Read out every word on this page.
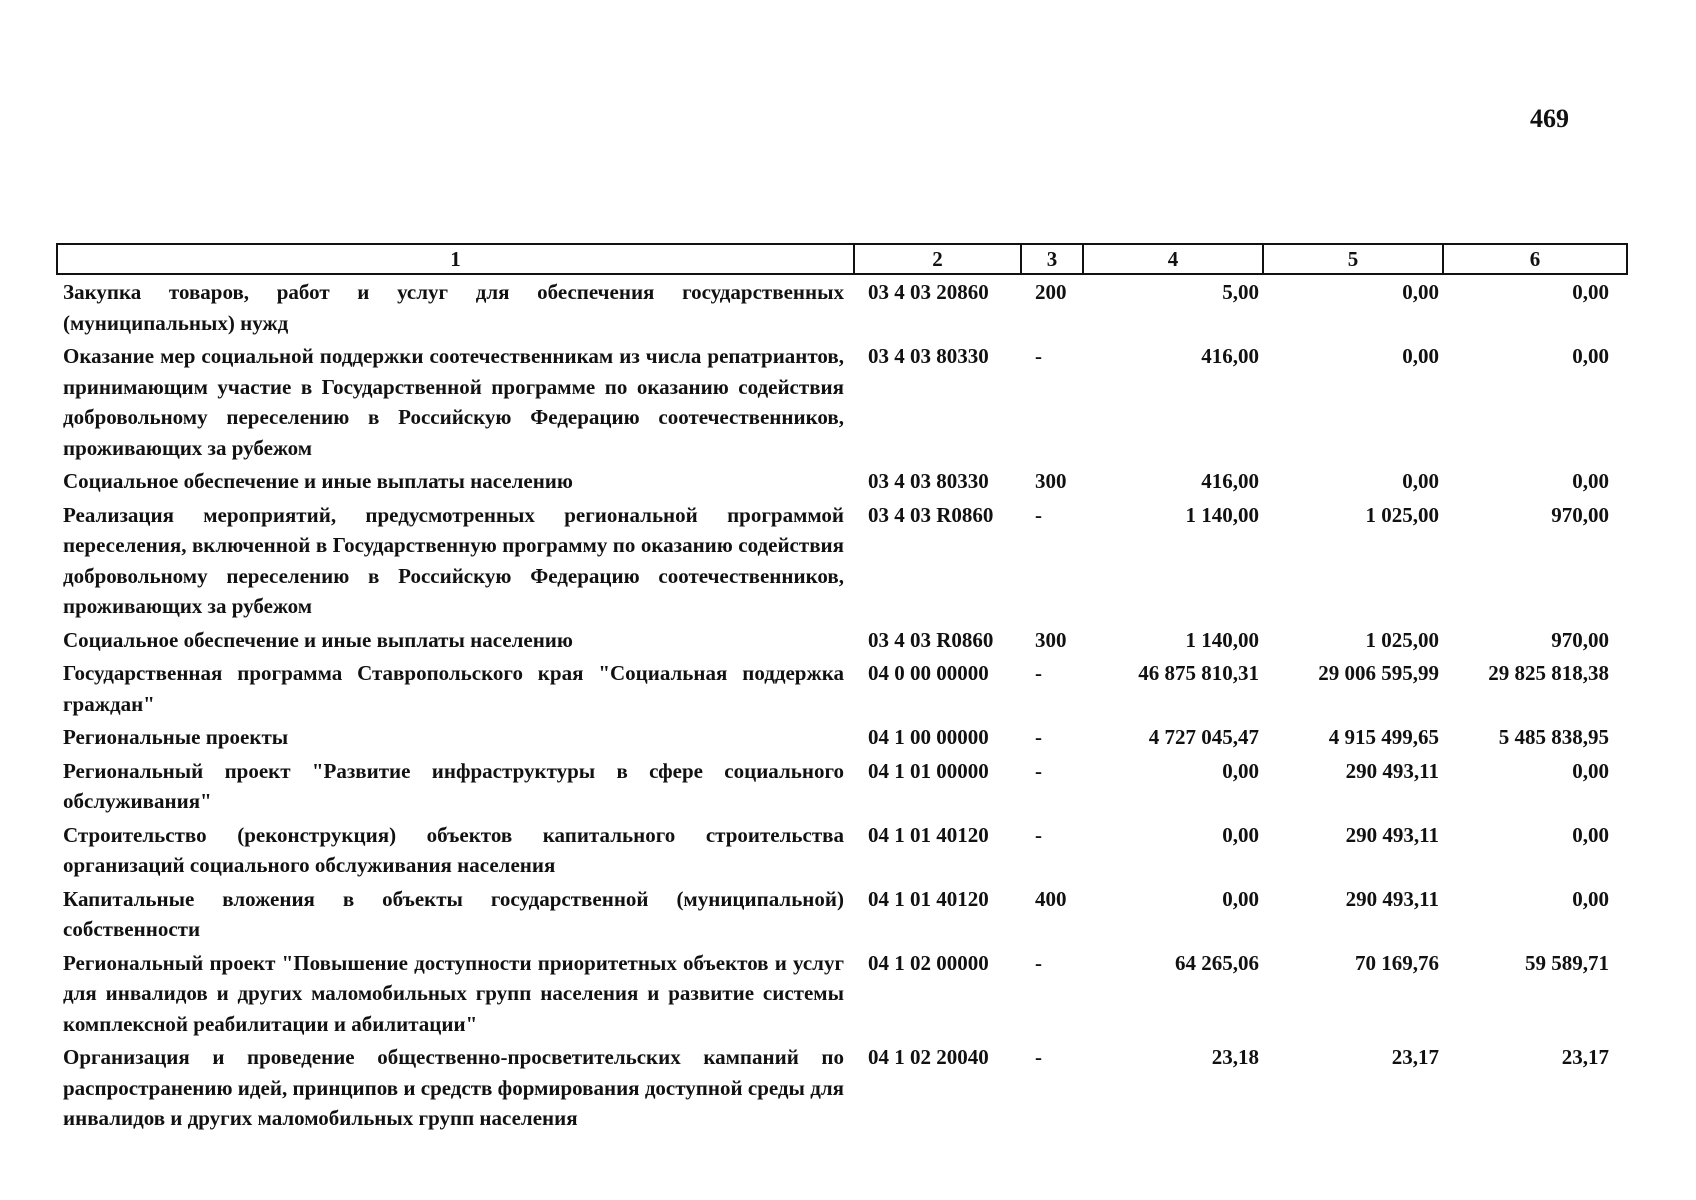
469
1	2	3	4	5	6
Закупка товаров, работ и услуг для обеспечения государственных (муниципальных) нужд	03 4 03 20860	200	5,00	0,00	0,00
Оказание мер социальной поддержки соотечественникам из числа репатриантов, принимающим участие в Государственной программе по оказанию содействия добровольному переселению в Российскую Федерацию соотечественников, проживающих за рубежом	03 4 03 80330	-	416,00	0,00	0,00
Социальное обеспечение и иные выплаты населению	03 4 03 80330	300	416,00	0,00	0,00
Реализация мероприятий, предусмотренных региональной программой переселения, включенной в Государственную программу по оказанию содействия добровольному переселению в Российскую Федерацию соотечественников, проживающих за рубежом	03 4 03 R0860	-	1 140,00	1 025,00	970,00
Социальное обеспечение и иные выплаты населению	03 4 03 R0860	300	1 140,00	1 025,00	970,00
Государственная программа Ставропольского края "Социальная поддержка граждан"	04 0 00 00000	-	46 875 810,31	29 006 595,99	29 825 818,38
Региональные проекты	04 1 00 00000	-	4 727 045,47	4 915 499,65	5 485 838,95
Региональный проект "Развитие инфраструктуры в сфере социального обслуживания"	04 1 01 00000	-	0,00	290 493,11	0,00
Строительство (реконструкция) объектов капитального строительства организаций социального обслуживания населения	04 1 01 40120	-	0,00	290 493,11	0,00
Капитальные вложения в объекты государственной (муниципальной) собственности	04 1 01 40120	400	0,00	290 493,11	0,00
Региональный проект "Повышение доступности приоритетных объектов и услуг для инвалидов и других маломобильных групп населения и развитие системы комплексной реабилитации и абилитации"	04 1 02 00000	-	64 265,06	70 169,76	59 589,71
Организация и проведение общественно-просветительских кампаний по распространению идей, принципов и средств формирования доступной среды для инвалидов и других маломобильных групп населения	04 1 02 20040	-	23,18	23,17	23,17
